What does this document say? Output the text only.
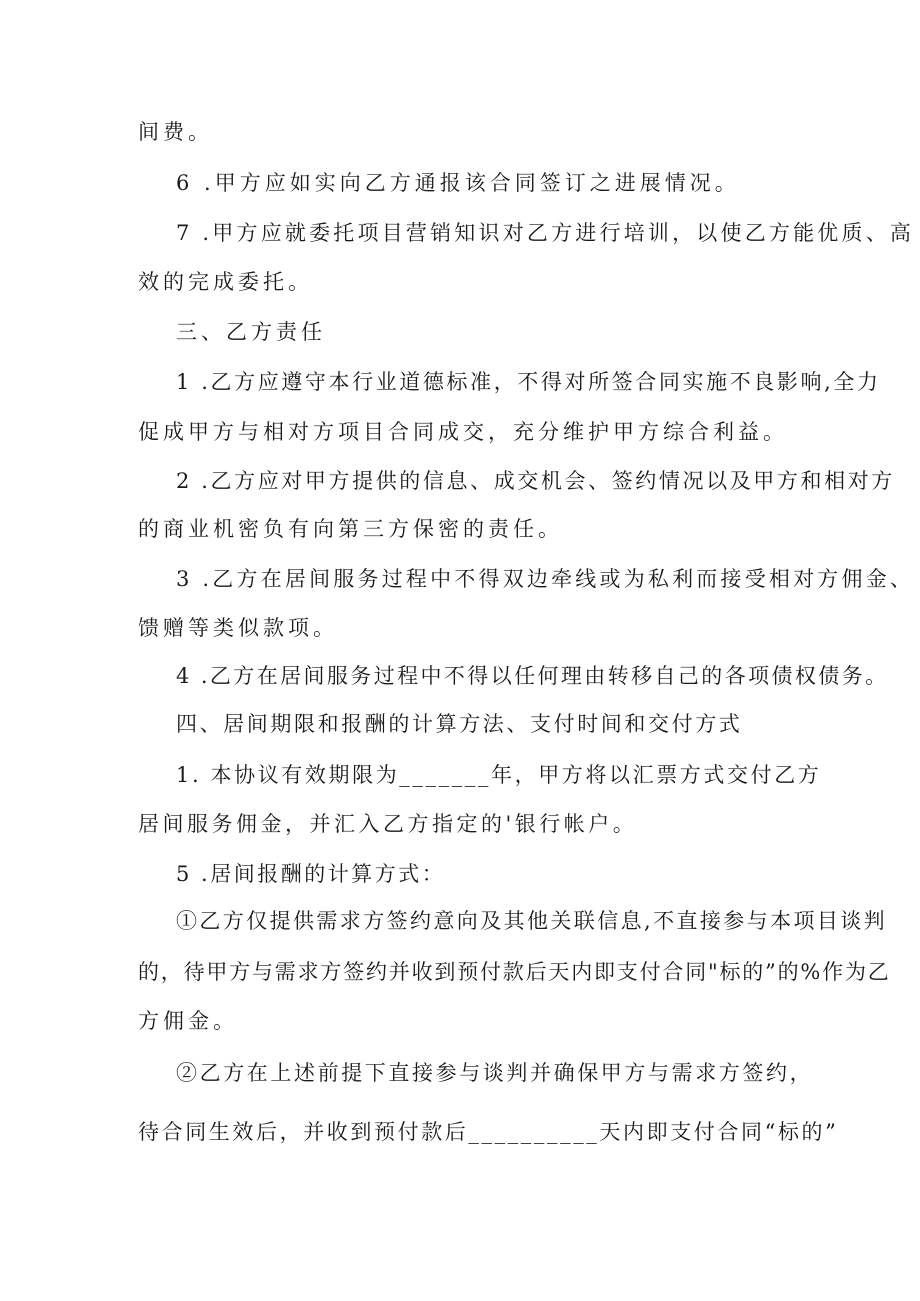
间费。
6 .甲方应如实向乙方通报该合同签订之进展情况。
7 .甲方应就委托项目营销知识对乙方进行培训，以使乙方能优质、高
效的完成委托。
三、乙方责任
1 .乙方应遵守本行业道德标准，不得对所签合同实施不良影响,全力
促成甲方与相对方项目合同成交，充分维护甲方综合利益。
2 .乙方应对甲方提供的信息、成交机会、签约情况以及甲方和相对方
的商业机密负有向第三方保密的责任。
3 .乙方在居间服务过程中不得双边牵线或为私利而接受相对方佣金、
馈赠等类似款项。
4 .乙方在居间服务过程中不得以任何理由转移自己的各项债权债务。
四、居间期限和报酬的计算方法、支付时间和交付方式
1. 本协议有效期限为_______年，甲方将以汇票方式交付乙方
居间服务佣金，并汇入乙方指定的'银行帐户。
5 .居间报酬的计算方式：
①乙方仅提供需求方签约意向及其他关联信息,不直接参与本项目谈判
的，待甲方与需求方签约并收到预付款后天内即支付合同"标的”的%作为乙
方佣金。
②乙方在上述前提下直接参与谈判并确保甲方与需求方签约，
待合同生效后，并收到预付款后__________天内即支付合同“标的”
